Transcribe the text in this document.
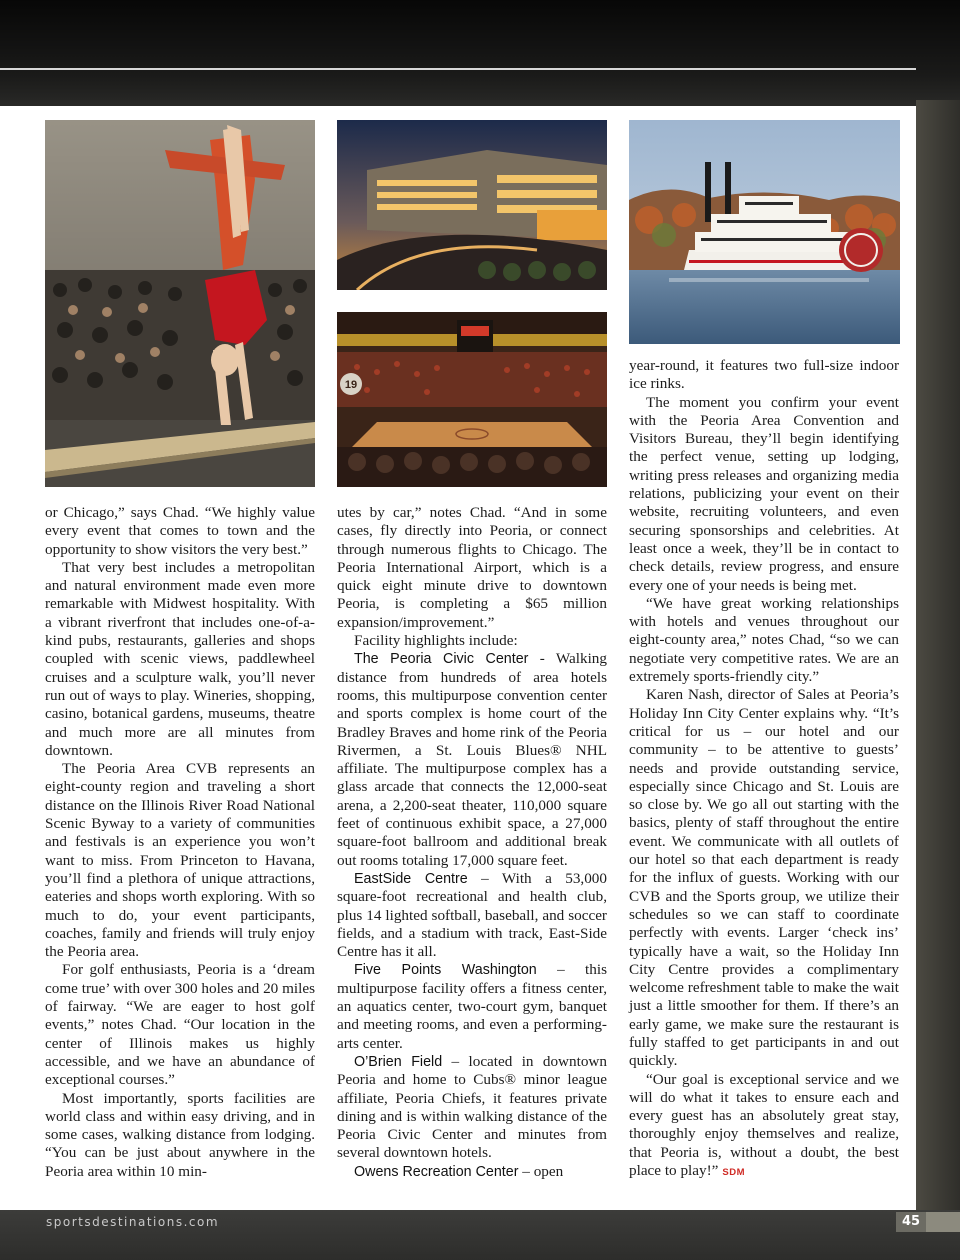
19

or Chicago,” says Chad. “We highly value every event that comes to town and the opportunity to show visitors the very best.”

That very best includes a metropolitan and natural environment made even more remarkable with Midwest hospitality. With a vibrant riverfront that includes one-of-a-kind pubs, restaurants, galleries and shops coupled with scenic views, paddlewheel cruises and a sculpture walk, you’ll never run out of ways to play. Wineries, shopping, casino, botanical gardens, museums, theatre and much more are all minutes from downtown.

The Peoria Area CVB represents an eight-county region and traveling a short distance on the Illinois River Road National Scenic Byway to a variety of communities and festivals is an experience you won’t want to miss. From Princeton to Havana, you’ll find a plethora of unique attractions, eateries and shops worth exploring. With so much to do, your event participants, coaches, family and friends will truly enjoy the Peoria area.

For golf enthusiasts, Peoria is a ‘dream come true’ with over 300 holes and 20 miles of fairway. “We are eager to host golf events,” notes Chad. “Our location in the center of Illinois makes us highly accessible, and we have an abundance of exceptional courses.”

Most importantly, sports facilities are world class and within easy driving, and in some cases, walking distance from lodging. “You can be just about anywhere in the Peoria area within 10 min-

utes by car,” notes Chad. “And in some cases, fly directly into Peoria, or connect through numerous flights to Chicago. The Peoria International Airport, which is a quick eight minute drive to downtown Peoria, is completing a $65 million expansion/improvement.”

Facility highlights include:

The Peoria Civic Center - Walking distance from hundreds of area hotels rooms, this multipurpose convention center and sports complex is home court of the Bradley Braves and home rink of the Peoria Rivermen, a St. Louis Blues® NHL affiliate. The multipurpose complex has a glass arcade that connects the 12,000-seat arena, a 2,200-seat theater, 110,000 square feet of continuous exhibit space, a 27,000 square-foot ballroom and additional break out rooms totaling 17,000 square feet.

EastSide Centre – With a 53,000 square-foot recreational and health club, plus 14 lighted softball, baseball, and soccer fields, and a stadium with track, East-Side Centre has it all.

Five Points Washington – this multipurpose facility offers a fitness center, an aquatics center, two-court gym, banquet and meeting rooms, and even a performing-arts center.

O’Brien Field – located in downtown Peoria and home to Cubs® minor league affiliate, Peoria Chiefs, it features private dining and is within walking distance of the Peoria Civic Center and minutes from several downtown hotels.

Owens Recreation Center – open

year-round, it features two full-size indoor ice rinks.

The moment you confirm your event with the Peoria Area Convention and Visitors Bureau, they’ll begin identifying the perfect venue, setting up lodging, writing press releases and organizing media relations, publicizing your event on their website, recruiting volunteers, and even securing sponsorships and celebrities. At least once a week, they’ll be in contact to check details, review progress, and ensure every one of your needs is being met.

“We have great working relationships with hotels and venues throughout our eight-county area,” notes Chad, “so we can negotiate very competitive rates. We are an extremely sports-friendly city.”

Karen Nash, director of Sales at Peoria’s Holiday Inn City Center explains why. “It’s critical for us – our hotel and our community – to be attentive to guests’ needs and provide outstanding service, especially since Chicago and St. Louis are so close by. We go all out starting with the basics, plenty of staff throughout the entire event. We communicate with all outlets of our hotel so that each department is ready for the influx of guests. Working with our CVB and the Sports group, we utilize their schedules so we can staff to coordinate perfectly with events. Larger ‘check ins’ typically have a wait, so the Holiday Inn City Centre provides a complimentary welcome refreshment table to make the wait just a little smoother for them. If there’s an early game, we make sure the restaurant is fully staffed to get participants in and out quickly.

“Our goal is exceptional service and we will do what it takes to ensure each and every guest has an absolutely great stay, thoroughly enjoy themselves and realize, that Peoria is, without a doubt, the best place to play!” SDM

sportsdestinations.com	45
